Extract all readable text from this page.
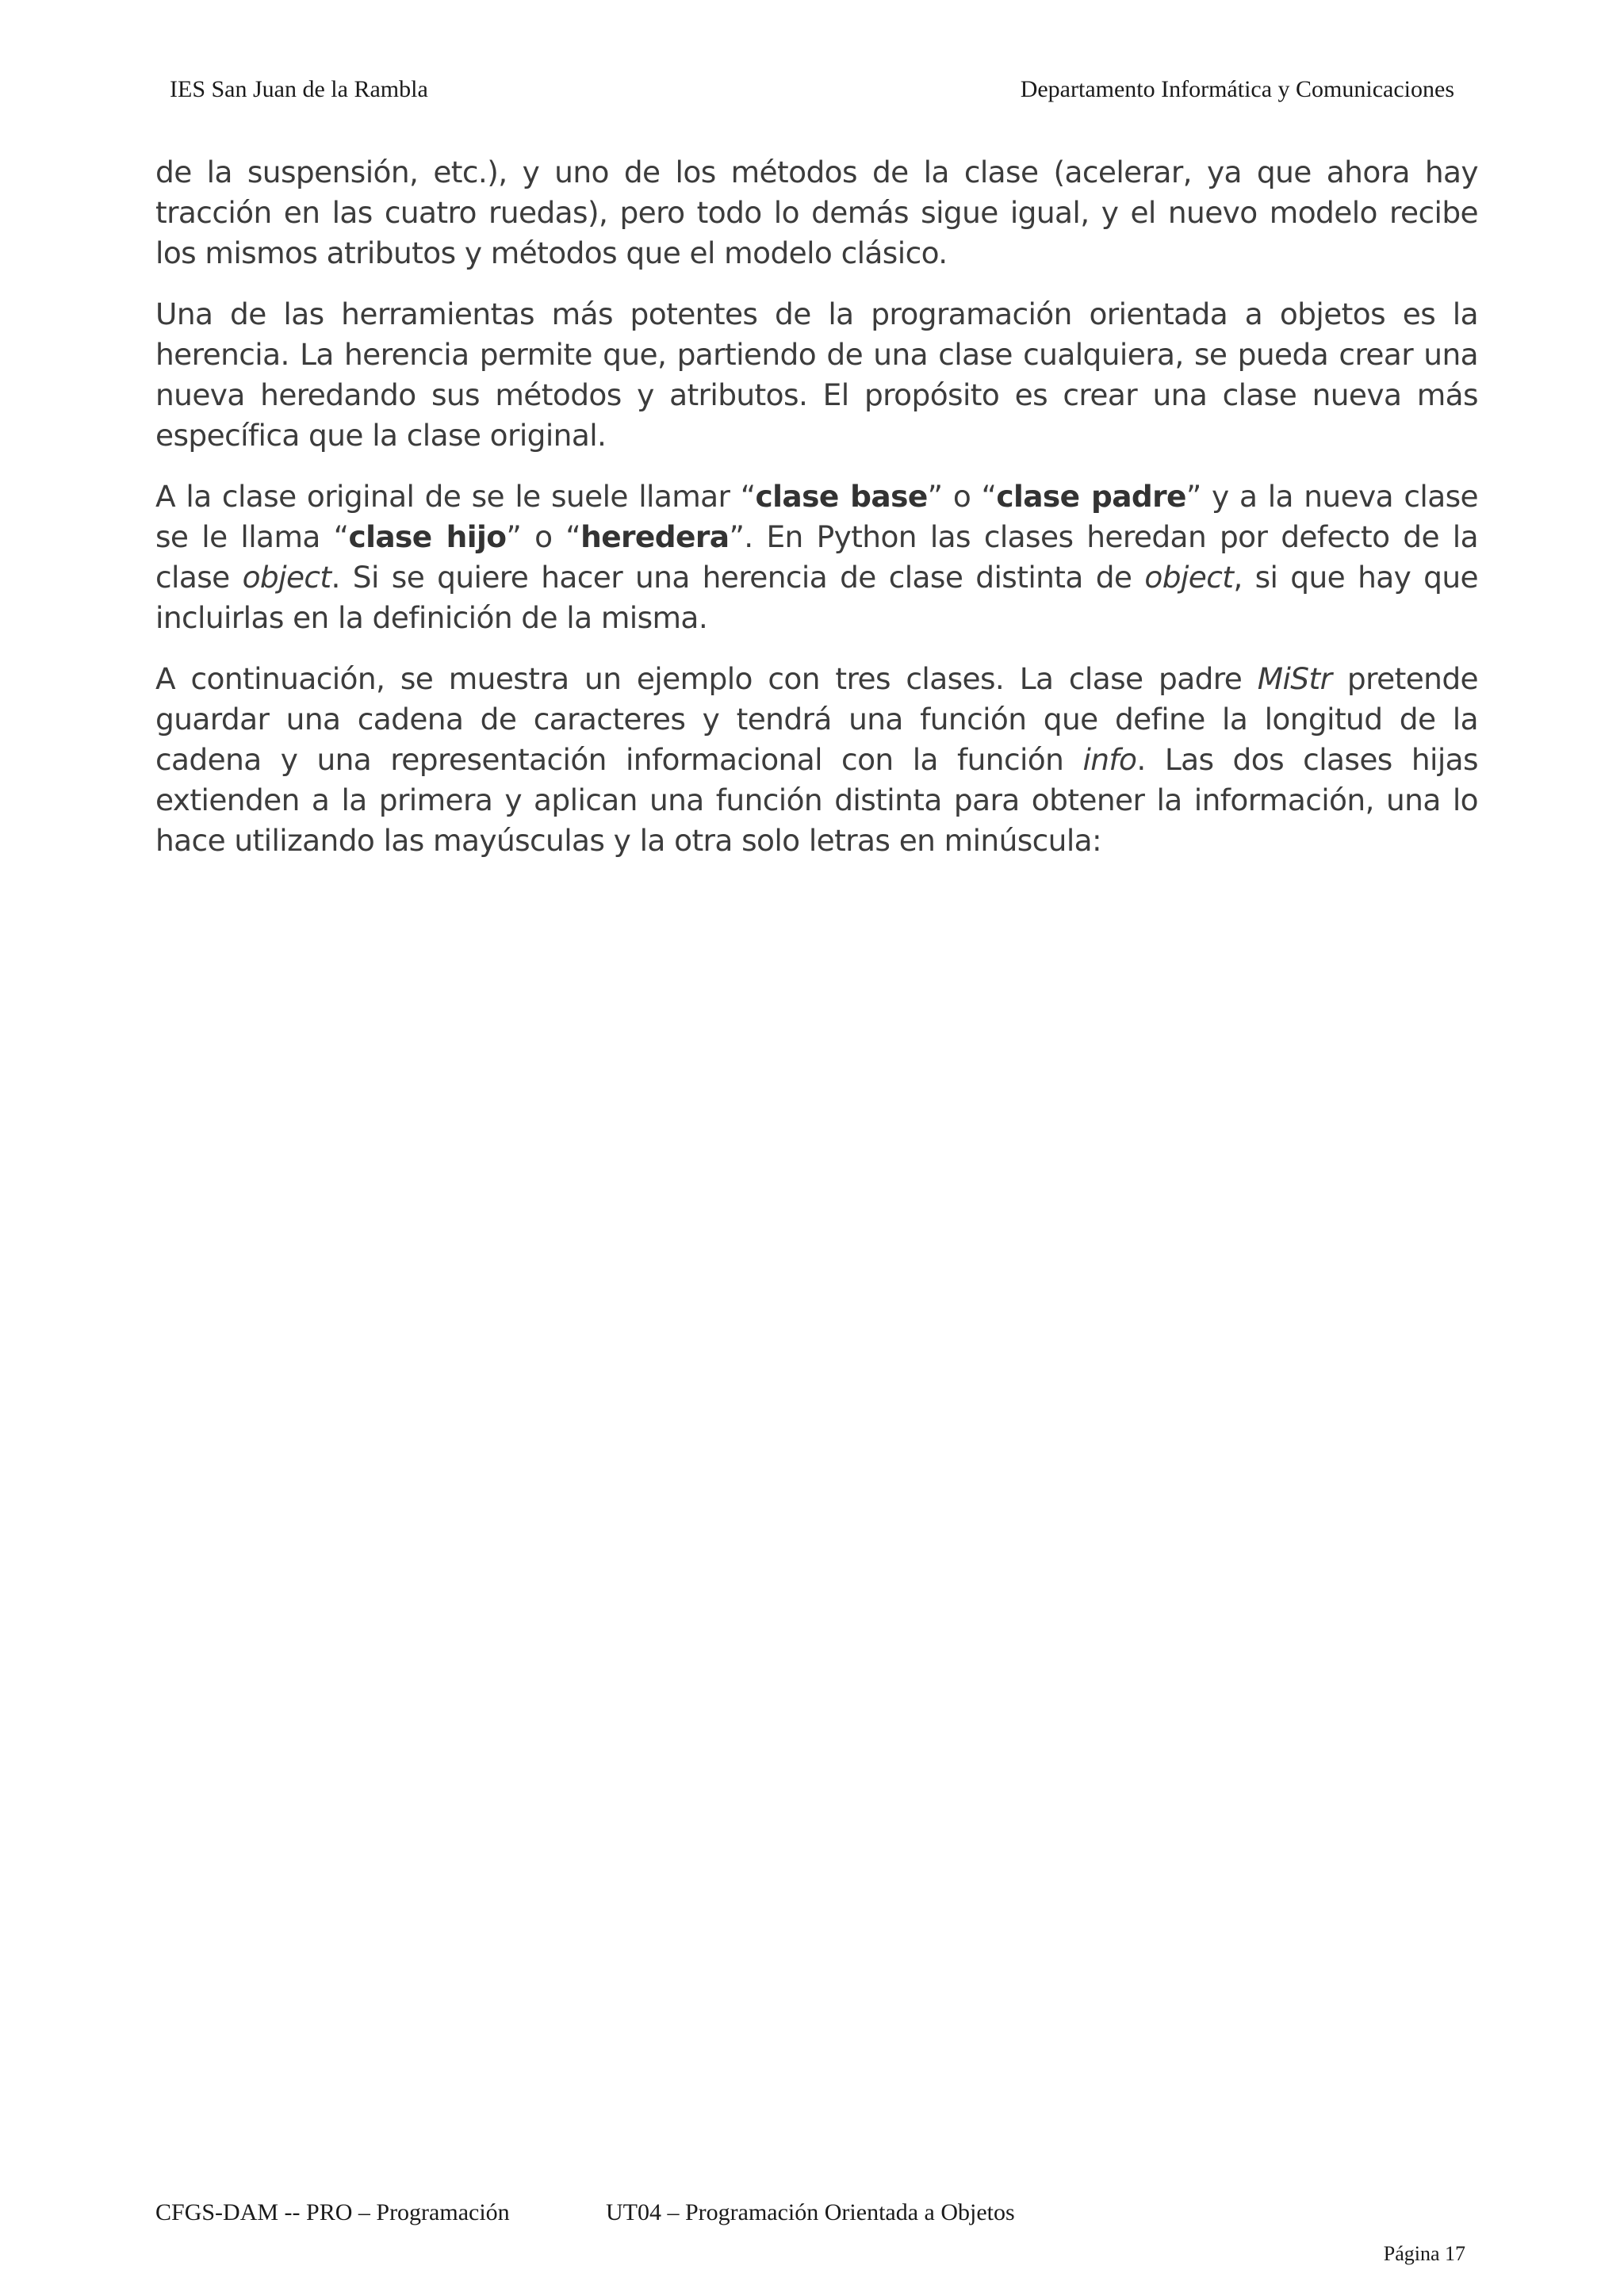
IES San Juan de la Rambla	Departamento Informática y Comunicaciones

de la suspensión, etc.), y uno de los métodos de la clase (acelerar, ya que ahora hay tracción en las cuatro ruedas), pero todo lo demás sigue igual, y el nuevo modelo recibe los mismos atributos y métodos que el modelo clásico.

Una de las herramientas más potentes de la programación orientada a objetos es la herencia. La herencia permite que, partiendo de una clase cualquiera, se pueda crear una nueva heredando sus métodos y atributos. El propósito es crear una clase nueva más específica que la clase original.

A la clase original de se le suele llamar “clase base” o “clase padre” y a la nueva clase se le llama “clase hijo” o “heredera”. En Python las clases heredan por defecto de la clase object. Si se quiere hacer una herencia de clase distinta de object, si que hay que incluirlas en la definición de la misma.

A continuación, se muestra un ejemplo con tres clases. La clase padre MiStr pretende guardar una cadena de caracteres y tendrá una función que define la longitud de la cadena y una representación informacional con la función info. Las dos clases hijas extienden a la primera y aplican una función distinta para obtener la información, una lo hace utilizando las mayúsculas y la otra solo letras en minúscula:

CFGS-DAM -- PRO – Programación	UT04 – Programación Orientada a Objetos
Página 17
